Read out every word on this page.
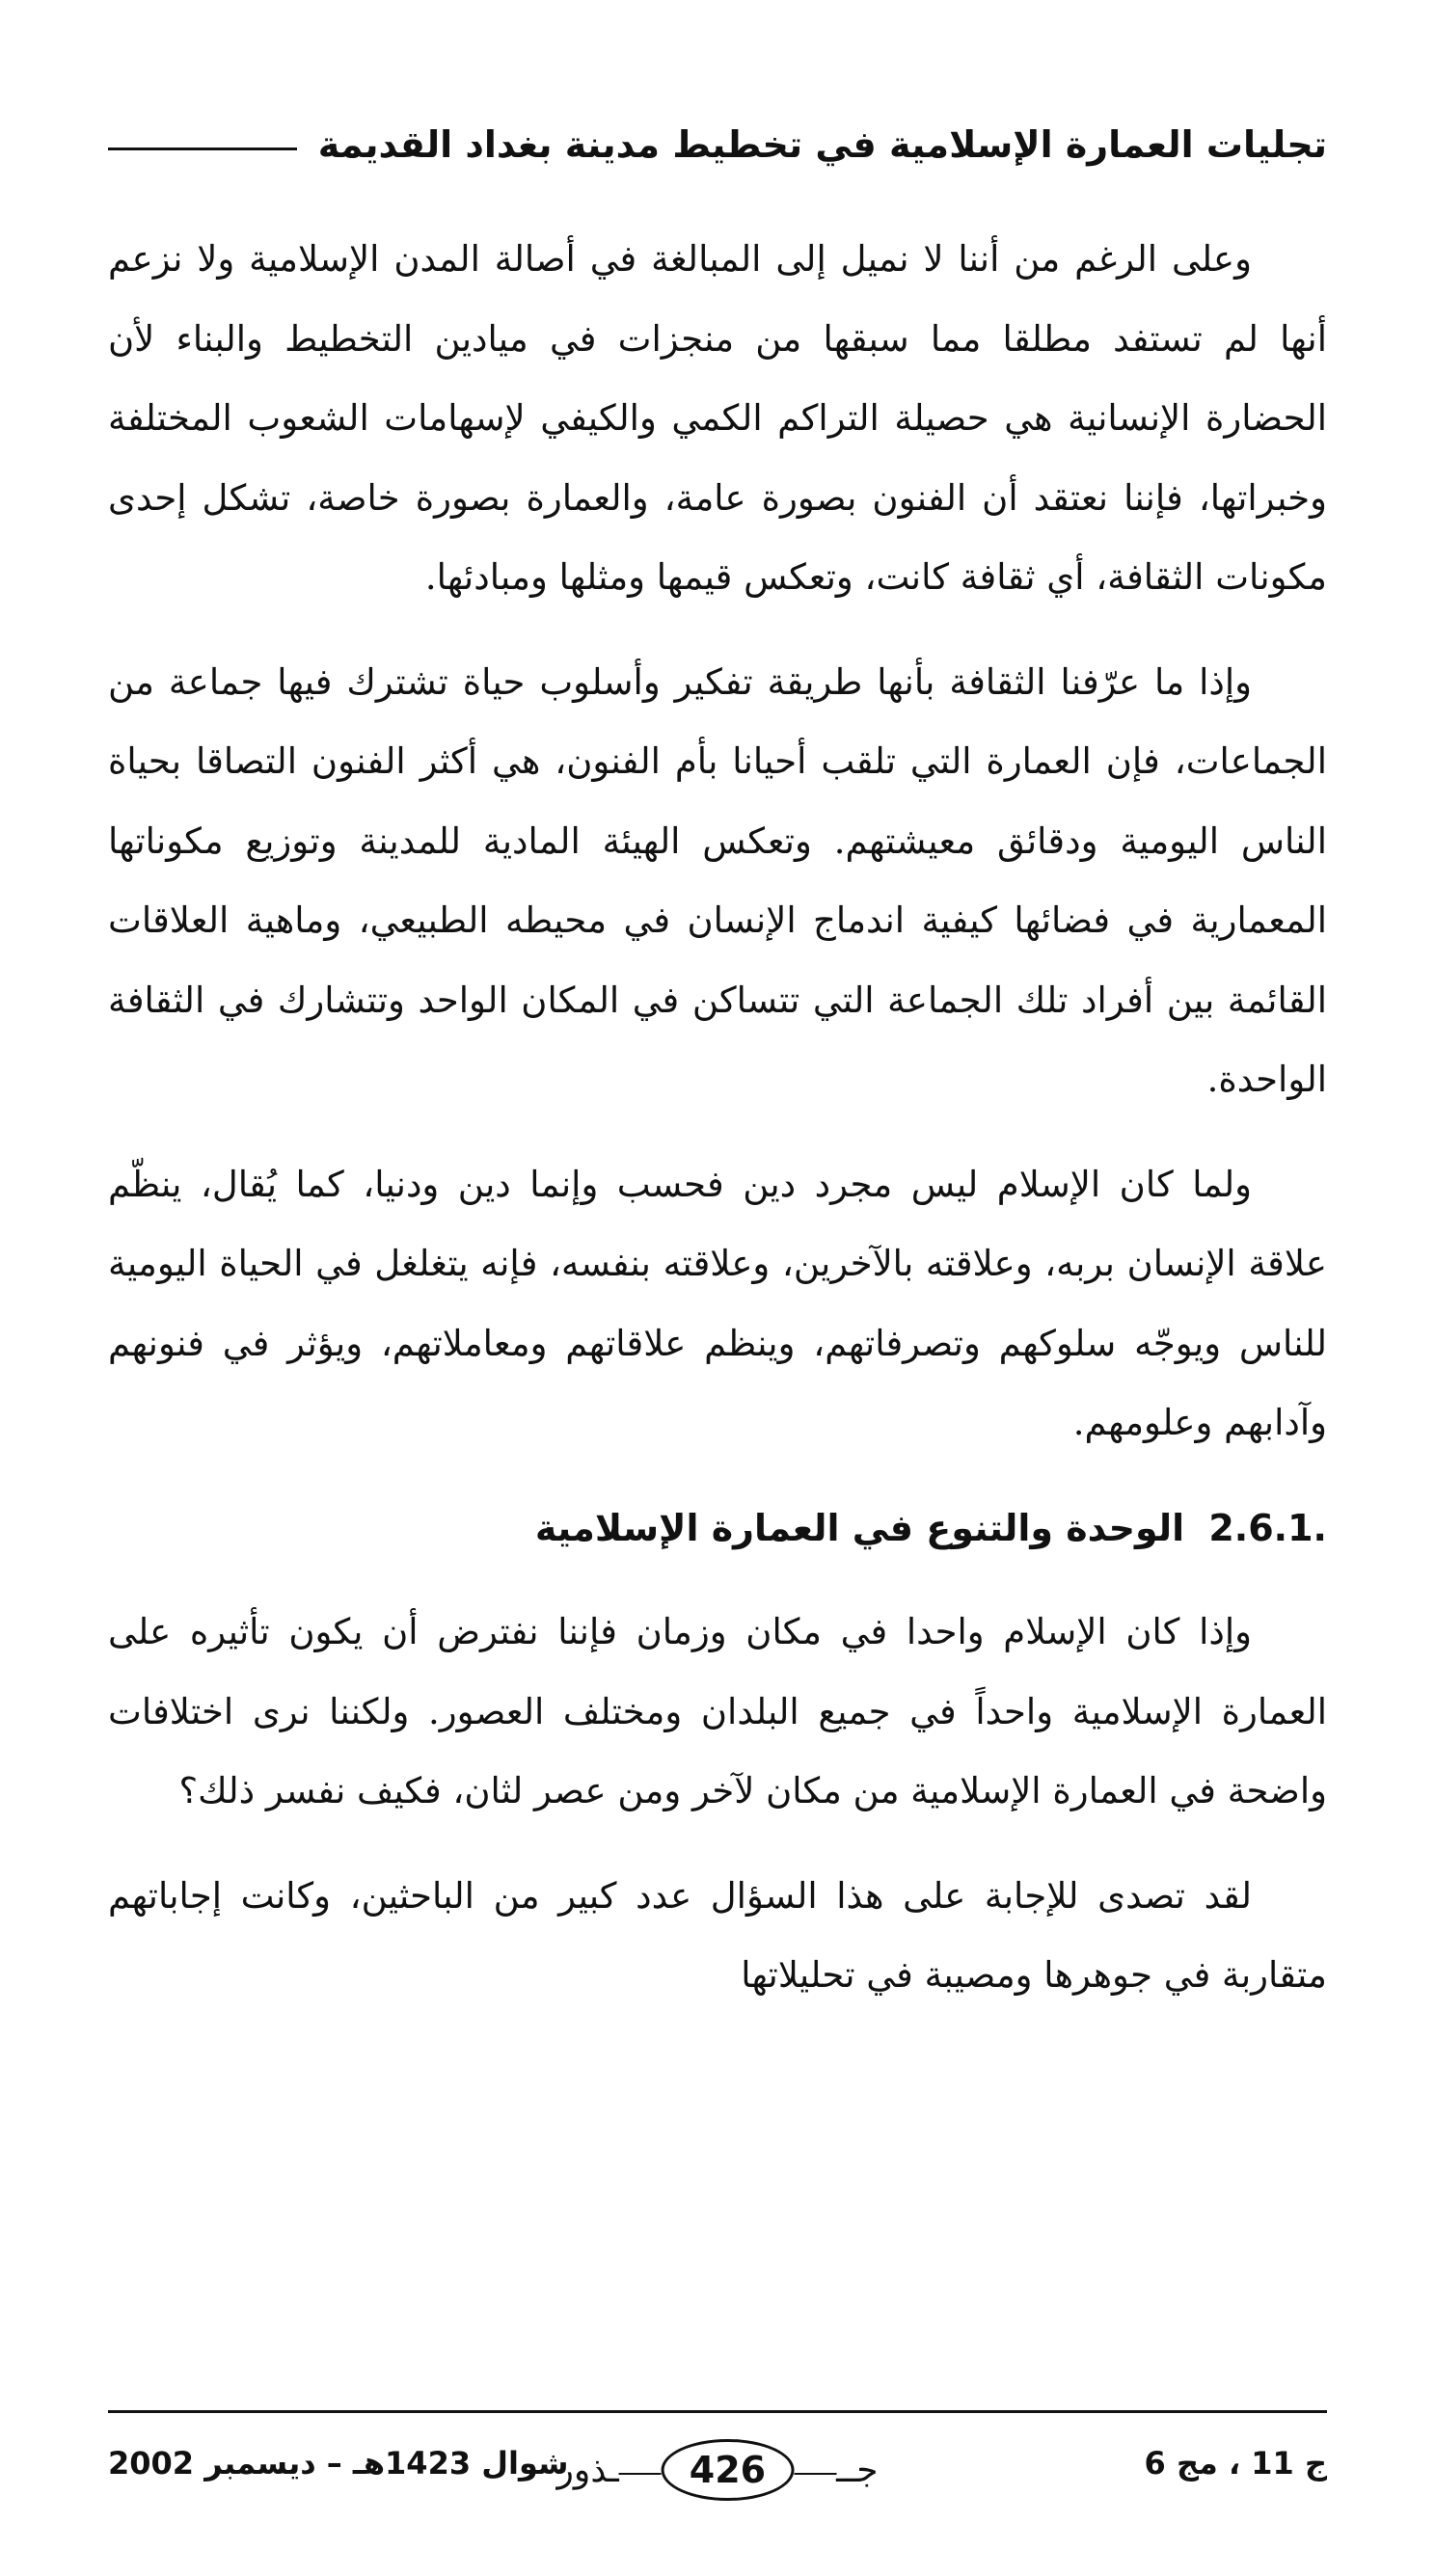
تجليات العمارة الإسلامية في تخطيط مدينة بغداد القديمة

وعلى الرغم من أننا لا نميل إلى المبالغة في أصالة المدن الإسلامية ولا نزعم أنها لم تستفد مطلقا مما سبقها من منجزات في ميادين التخطيط والبناء لأن الحضارة الإنسانية هي حصيلة التراكم الكمي والكيفي لإسهامات الشعوب المختلفة وخبراتها، فإننا نعتقد أن الفنون بصورة عامة، والعمارة بصورة خاصة، تشكل إحدى مكونات الثقافة، أي ثقافة كانت، وتعكس قيمها ومثلها ومبادئها.

وإذا ما عرّفنا الثقافة بأنها طريقة تفكير وأسلوب حياة تشترك فيها جماعة من الجماعات، فإن العمارة التي تلقب أحيانا بأم الفنون، هي أكثر الفنون التصاقا بحياة الناس اليومية ودقائق معيشتهم. وتعكس الهيئة المادية للمدينة وتوزيع مكوناتها المعمارية في فضائها كيفية اندماج الإنسان في محيطه الطبيعي، وماهية العلاقات القائمة بين أفراد تلك الجماعة التي تتساكن في المكان الواحد وتتشارك في الثقافة الواحدة.

ولما كان الإسلام ليس مجرد دين فحسب وإنما دين ودنيا، كما يُقال، ينظّم علاقة الإنسان بربه، وعلاقته بالآخرين، وعلاقته بنفسه، فإنه يتغلغل في الحياة اليومية للناس ويوجّه سلوكهم وتصرفاتهم، وينظم علاقاتهم ومعاملاتهم، ويؤثر في فنونهم وآدابهم وعلومهم.

2.6.1. الوحدة والتنوع في العمارة الإسلامية

وإذا كان الإسلام واحدا في مكان وزمان فإننا نفترض أن يكون تأثيره على العمارة الإسلامية واحداً في جميع البلدان ومختلف العصور. ولكننا نرى اختلافات واضحة في العمارة الإسلامية من مكان لآخر ومن عصر لثان، فكيف نفسر ذلك؟

لقد تصدى للإجابة على هذا السؤال عدد كبير من الباحثين، وكانت إجاباتهم متقاربة في جوهرها ومصيبة في تحليلاتها

ج 11 ، مج 6
ـذور	426	جــ
شوال 1423هـ – ديسمبر 2002
